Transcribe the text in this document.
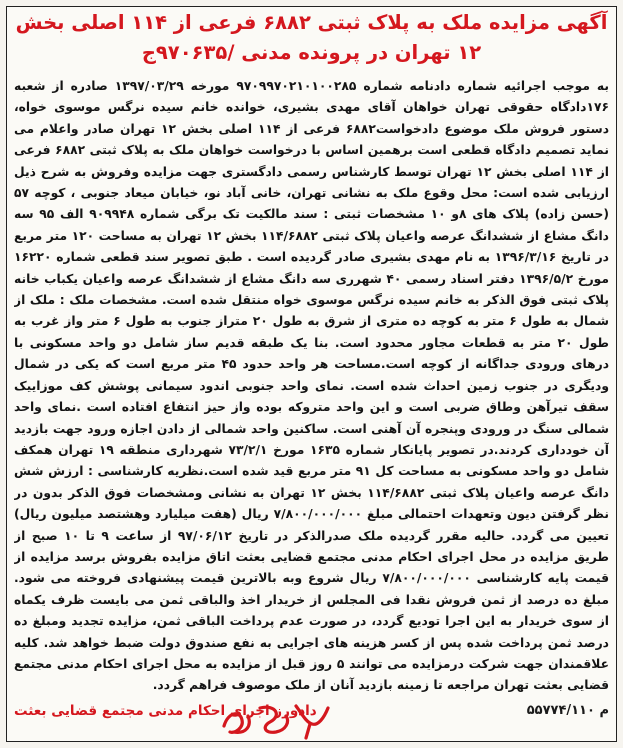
آگهی مزایده ملک به پلاک ثبتی ۶۸۸۲ فرعی از ۱۱۴ اصلی بخش ۱۲ تهران در پرونده مدنی /۹۷۰۶۳۵ج
به موجب اجرائیه شماره دادنامه شماره ۹۷۰۹۹۷۰۲۱۰۱۰۰۲۸۵ مورخه ۱۳۹۷/۰۳/۲۹ صادره از شعبه ۱۷۶دادگاه حقوقی تهران خواهان آقای مهدی بشیری، خوانده خانم سیده نرگس موسوی خواه، دستور فروش ملک موضوع دادخواست۶۸۸۲ فرعی از ۱۱۴ اصلی بخش ۱۲ تهران صادر واعلام می نماید تصمیم دادگاه قطعی است برهمین اساس با درخواست خواهان ملک به پلاک ثبتی ۶۸۸۲ فرعی از ۱۱۴ اصلی بخش ۱۲ تهران توسط کارشناس رسمی دادگستری جهت مزایده وفروش به شرح ذیل ارزیابی شده است: محل وقوع ملک به نشانی تهران، خانی آباد نو، خیابان میعاد جنوبی ، کوچه ۵۷ (حسن زاده) پلاک های ۸و ۱۰ مشخصات ثبتی : سند مالکیت تک برگی شماره ۹۰۹۹۴۸ الف ۹۵ سه دانگ مشاع از ششدانگ عرصه واعیان پلاک ثبتی ۱۱۴/۶۸۸۲ بخش ۱۲ تهران به مساحت ۱۲۰ متر مربع در تاریخ ۱۳۹۶/۳/۱۶ به نام مهدی بشیری صادر گردیده است . طبق تصویر سند قطعی شماره ۱۶۲۲۰ مورخ ۱۳۹۶/۵/۲ دفتر اسناد رسمی ۴۰ شهرری سه دانگ مشاع از ششدانگ عرصه واعیان یکباب خانه پلاک ثبتی فوق الذکر به خانم سیده نرگس موسوی خواه منتقل شده است. مشخصات ملک : ملک از شمال به طول ۶ متر به کوچه ده متری از شرق به طول ۲۰ متراز جنوب به طول ۶ متر واز غرب به طول ۲۰ متر به قطعات مجاور محدود است. بنا یک طبقه قدیم ساز شامل دو واحد مسکونی با درهای ورودی جداگانه از کوچه است.مساحت هر واحد حدود ۴۵ متر مربع است که یکی در شمال ودیگری در جنوب زمین احداث شده است. نمای واحد جنوبی اندود سیمانی پوشش کف موزاییک سقف تیرآهن وطاق ضربی است و این واحد متروکه بوده واز حیز انتفاع افتاده است .نمای واحد شمالی سنگ در ورودی وپنجره آن آهنی است. ساکنین واحد شمالی از دادن اجازه ورود جهت بازدید آن خودداری کردند.در تصویر پایانکار شماره ۱۶۳۵ مورخ ۷۳/۲/۱ شهرداری منطقه ۱۹ تهران همکف شامل دو واحد مسکونی به مساحت کل ۹۱ متر مربع قید شده است.نظریه کارشناسی : ارزش شش دانگ عرصه واعیان پلاک ثبتی ۱۱۴/۶۸۸۲ بخش ۱۲ تهران به نشانی ومشخصات فوق الذکر بدون در نظر گرفتن دیون وتعهدات احتمالی مبلغ ۷/۸۰۰/۰۰۰/۰۰۰ ریال (هفت میلیارد وهشتصد میلیون ریال) تعیین می گردد. حالیه مقرر گردیده ملک صدرالذکر در تاریخ ۹۷/۰۶/۱۲ از ساعت ۹ تا ۱۰ صبح از طریق مزایده در محل اجرای احکام مدنی مجتمع قضایی بعثت اتاق مزایده بفروش برسد مزایده از قیمت پایه کارشناسی ۷/۸۰۰/۰۰۰/۰۰۰ ریال شروع وبه بالاترین قیمت پیشنهادی فروخته می شود. مبلغ ده درصد از ثمن فروش نقدا فی المجلس از خریدار اخذ والباقی ثمن می بایست ظرف یکماه از سوی خریدار به این اجرا تودیع گردد، در صورت عدم پرداخت الباقی ثمن، مزایده تجدید ومبلغ ده درصد ثمن پرداخت شده پس از کسر هزینه های اجرایی به نفع صندوق دولت ضبط خواهد شد. کلیه علاقمندان جهت شرکت درمزایده می توانند ۵ روز قبل از مزایده به محل اجرای احکام مدنی مجتمع قضایی بعثت تهران مراجعه تا زمینه بازدید آنان از ملک موصوف فراهم گردد.
۵۵۷۷۴/م ۱۱۰
دادورز اجرای احکام مدنی مجتمع قضایی بعثت
